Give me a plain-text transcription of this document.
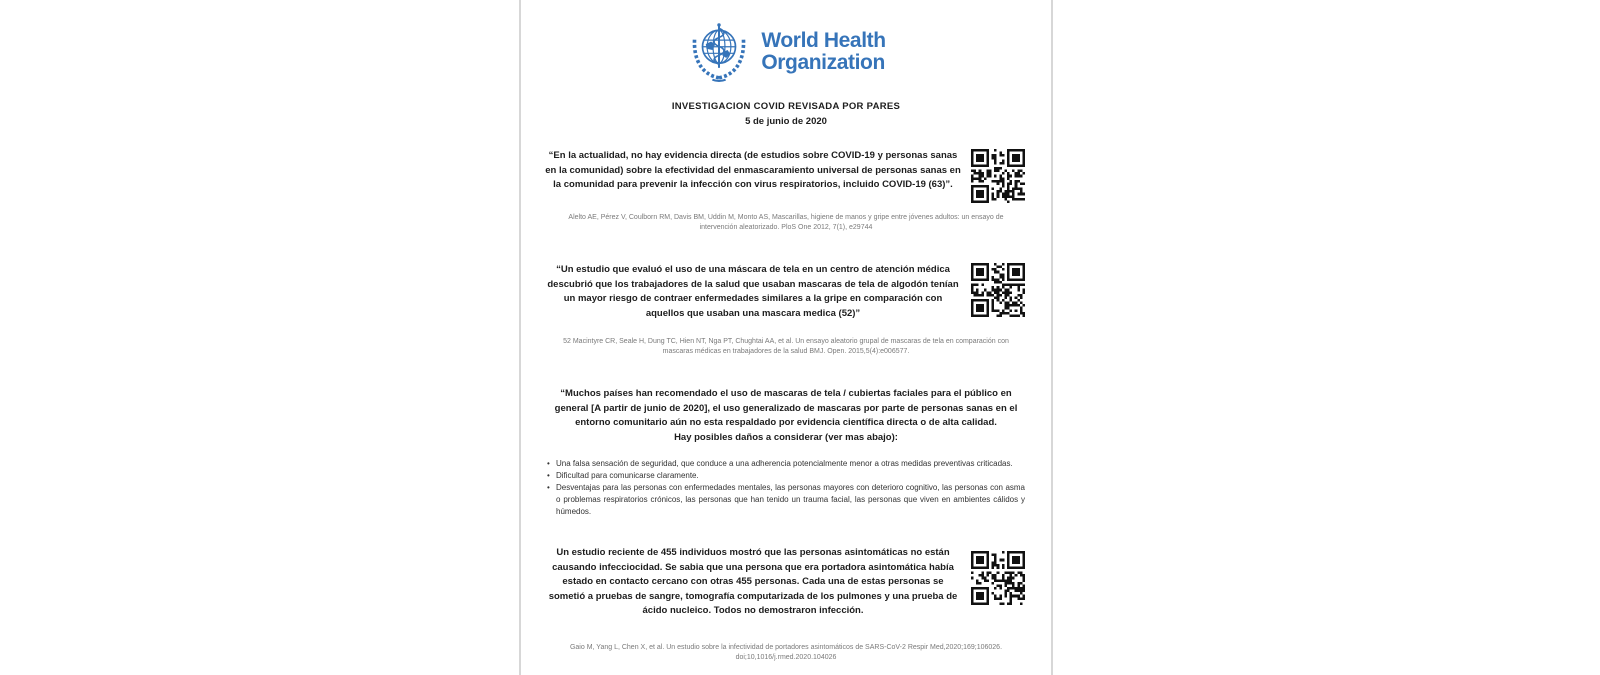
World Health
Organization
INVESTIGACION COVID REVISADA POR PARES
5 de junio de 2020
“En la actualidad, no hay evidencia directa (de estudios sobre COVID-19 y personas sanas en la comunidad) sobre la efectividad del enmascaramiento universal de personas sanas en la comunidad para prevenir la infección con virus respiratorios, incluido COVID-19 (63)”.
Alelto AE, Pérez V, Coulborn RM, Davis BM, Uddin M, Monto AS, Mascarillas, higiene de manos y gripe entre jóvenes adultos: un ensayo de intervención aleatorizado. PloS One 2012, 7(1), e29744
“Un estudio que evaluó el uso de una máscara de tela en un centro de atención médica descubrió que los trabajadores de la salud que usaban mascaras de tela de algodón tenían un mayor riesgo de contraer enfermedades similares a la gripe en comparación con aquellos que usaban una mascara medica (52)”
52 Macintyre CR, Seale H, Dung TC, Hien NT, Nga PT, Chughtai AA, et al. Un ensayo aleatorio grupal de mascaras de tela en comparación con mascaras médicas en trabajadores de la salud BMJ. Open. 2015,5(4):e006577.
“Muchos países han recomendado el uso de mascaras de tela / cubiertas faciales para el público en general [A partir de junio de 2020], el uso generalizado de mascaras por parte de personas sanas en el entorno comunitario aún no esta respaldado por evidencia científica directa o de alta calidad.
Hay posibles daños a considerar (ver mas abajo):
• Una falsa sensación de seguridad, que conduce a una adherencia potencialmente menor a otras medidas preventivas criticadas.
• Dificultad para comunicarse claramente.
• Desventajas para las personas con enfermedades mentales, las personas mayores con deterioro cognitivo, las personas con asma o problemas respiratorios crónicos, las personas que han tenido un trauma facial, las personas que viven en ambientes cálidos y húmedos.
Un estudio reciente de 455 individuos mostró que las personas asintomáticas no están causando infecciocidad. Se sabia que una persona que era portadora asintomática había estado en contacto cercano con otras 455 personas. Cada una de estas personas se sometió a pruebas de sangre, tomografía computarizada de los pulmones y una prueba de ácido nucleico. Todos no demostraron infección.
Gaio M, Yang L, Chen X, et al. Un estudio sobre la infectividad de portadores asintomáticos de SARS-CoV-2 Respir Med,2020;169;106026. doi;10,1016/j.rmed.2020.104026
